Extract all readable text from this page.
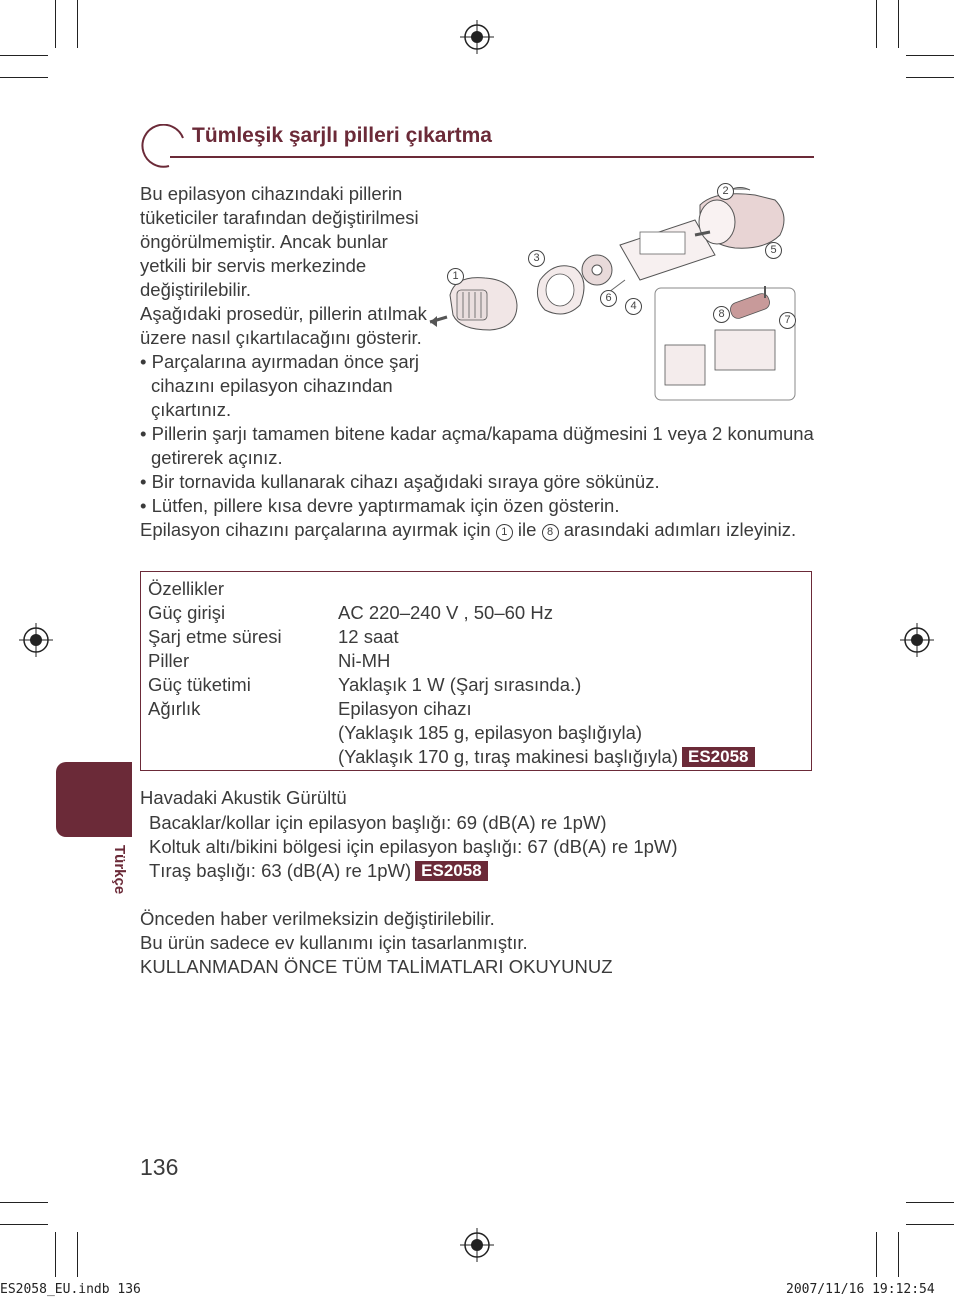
Tümleşik şarjlı pilleri çıkartma
Bu epilasyon cihazındaki pillerin
tüketiciler tarafından değiştirilmesi
öngörülmemiştir. Ancak bunlar
yetkili bir servis merkezinde
değiştirilebilir.
Aşağıdaki prosedür, pillerin atılmak
üzere nasıl çıkartılacağını gösterir.
• Parçalarına ayırmadan önce şarj
cihazını epilasyon cihazından
çıkartınız.
• Pillerin şarjı tamamen bitene kadar açma/kapama düğmesini 1 veya 2 konumuna
getirerek açınız.
• Bir tornavida kullanarak cihazı aşağıdaki sıraya göre sökünüz.
• Lütfen, pillere kısa devre yaptırmamak için özen gösterin.
Epilasyon cihazını parçalarına ayırmak için 1 ile 8 arasındaki adımları izleyiniz.
1
2
3
4
5
6
7
8
Özellikler
Güç girişi	AC 220–240 V , 50–60 Hz
Şarj etme süresi	12 saat
Piller	Ni-MH
Güç tüketimi	Yaklaşık 1 W (Şarj sırasında.)
Ağırlık	Epilasyon cihazı
(Yaklaşık 185 g, epilasyon başlığıyla)
(Yaklaşık 170 g, tıraş makinesi başlığıyla) ES2058
Türkçe
Havadaki Akustik Gürültü
Bacaklar/kollar için epilasyon başlığı: 69 (dB(A) re 1pW)
Koltuk altı/bikini bölgesi için epilasyon başlığı: 67 (dB(A) re 1pW)
Tıraş başlığı: 63 (dB(A) re 1pW) ES2058
Önceden haber verilmeksizin değiştirilebilir.
Bu ürün sadece ev kullanımı için tasarlanmıştır.
KULLANMADAN ÖNCE TÜM TALİMATLARI OKUYUNUZ
136
ES2058_EU.indb 136	2007/11/16 19:12:54
